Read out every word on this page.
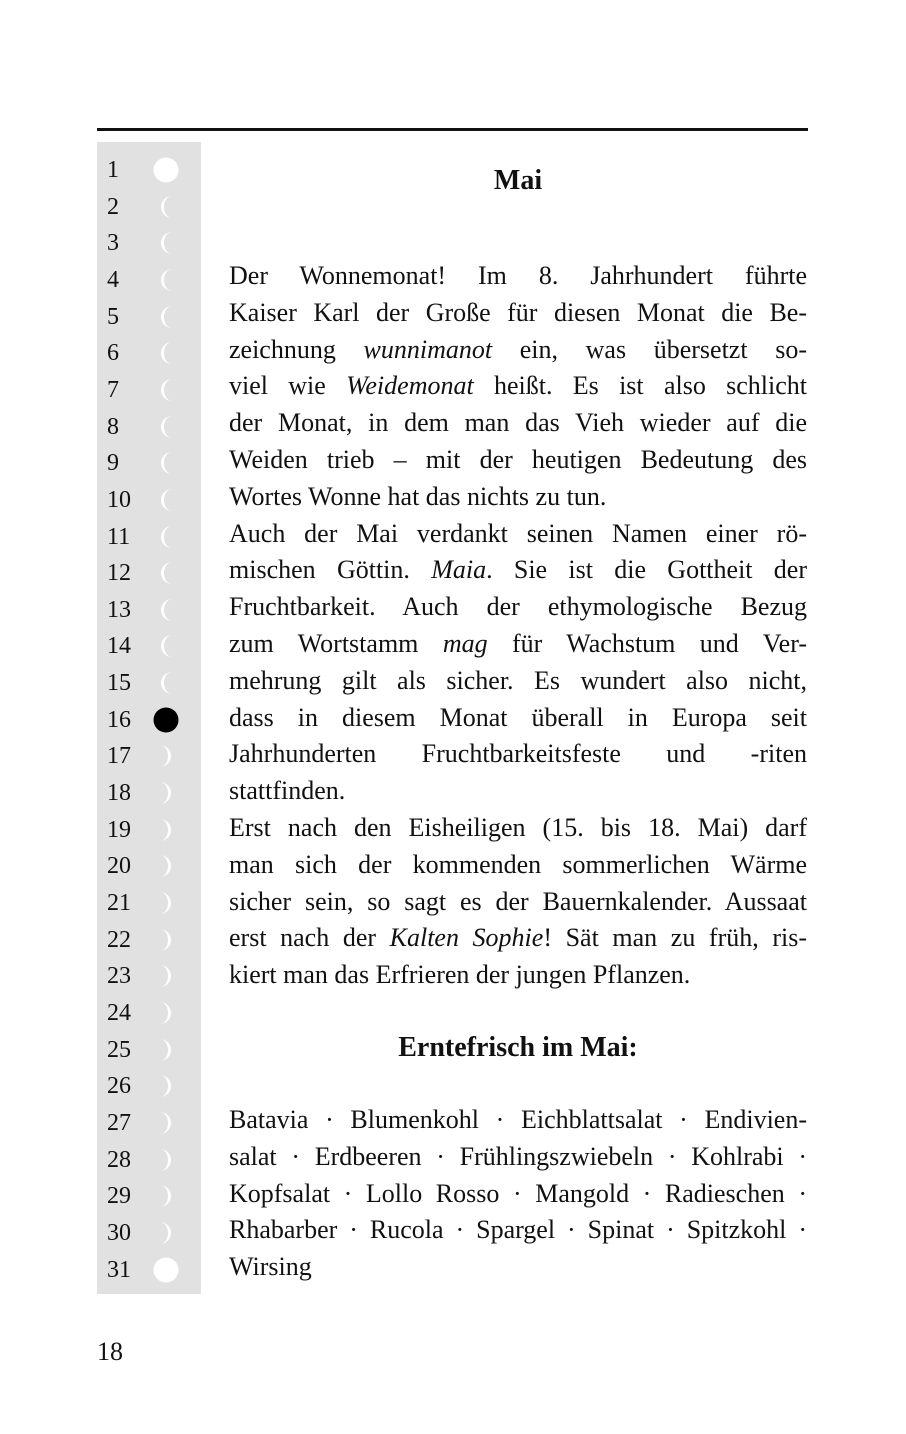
1
2
3
4
5
6
7
8
9
10
11
12
13
14
15
16
17
18
19
20
21
22
23
24
25
26
27
28
29
30
31
Mai
Der Wonnemonat! Im 8. Jahrhundert führte
Kaiser Karl der Große für diesen Monat die Be-
zeichnung wunnimanot ein, was übersetzt so-
viel wie Weidemonat heißt. Es ist also schlicht
der Monat, in dem man das Vieh wieder auf die
Weiden trieb – mit der heutigen Bedeutung des
Wortes Wonne hat das nichts zu tun.
Auch der Mai verdankt seinen Namen einer rö-
mischen Göttin. Maia. Sie ist die Gottheit der
Fruchtbarkeit. Auch der ethymologische Bezug
zum Wortstamm mag für Wachstum und Ver-
mehrung gilt als sicher. Es wundert also nicht,
dass in diesem Monat überall in Europa seit
Jahrhunderten Fruchtbarkeitsfeste und -riten
stattfinden.
Erst nach den Eisheiligen (15. bis 18. Mai) darf
man sich der kommenden sommerlichen Wärme
sicher sein, so sagt es der Bauernkalender. Aussaat
erst nach der Kalten Sophie! Sät man zu früh, ris-
kiert man das Erfrieren der jungen Pflanzen.
Erntefrisch im Mai:
Batavia · Blumenkohl · Eichblattsalat · Endivien-
salat · Erdbeeren · Frühlingszwiebeln · Kohlrabi ·
Kopfsalat · Lollo Rosso · Mangold · Radieschen ·
Rhabarber · Rucola · Spargel · Spinat · Spitzkohl ·
Wirsing
18
